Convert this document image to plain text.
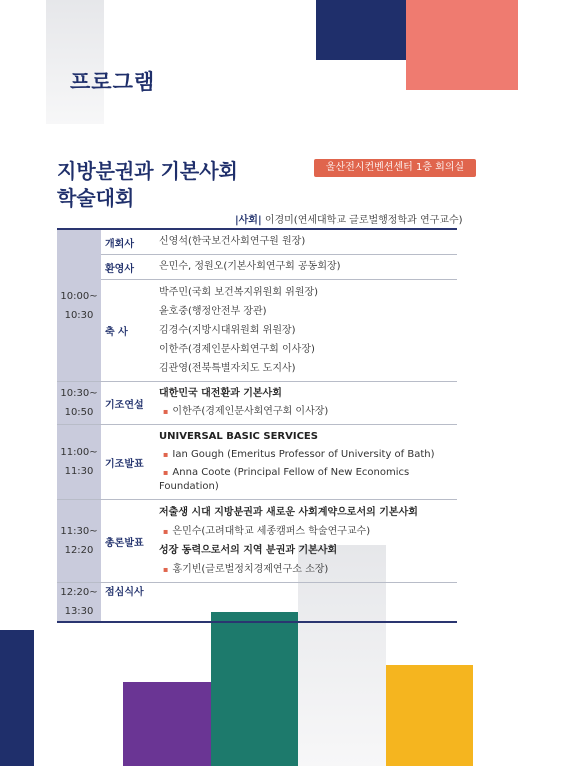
프로그램
지방분권과 기본사회
학술대회
울산전시컨벤션센터 1층 회의실
|사회| 이경미(연세대학교 글로벌행정학과 연구교수)
10:00~
10:30
개회사	신영석(한국보건사회연구원 원장)
환영사	은민수, 정원오(기본사회연구회 공동회장)
축 사
박주민(국회 보건복지위원회 위원장)
윤호중(행정안전부 장관)
김경수(지방시대위원회 위원장)
이한주(경제인문사회연구회 이사장)
김관영(전북특별자치도 도지사)
10:30~
10:50
기조연설
대한민국 대전환과 기본사회
▪ 이한주(경제인문사회연구회 이사장)
11:00~
11:30
기조발표
UNIVERSAL BASIC SERVICES
▪ Ian Gough (Emeritus Professor of University of Bath)
▪ Anna Coote (Principal Fellow of New Economics Foundation)
11:30~
12:20
총론발표
저출생 시대 지방분권과 새로운 사회계약으로서의 기본사회
▪ 은민수(고려대학교 세종캠퍼스 학술연구교수)
성장 동력으로서의 지역 분권과 기본사회
▪ 홍기빈(글로벌정치경제연구소 소장)
12:20~
13:30
점심식사
